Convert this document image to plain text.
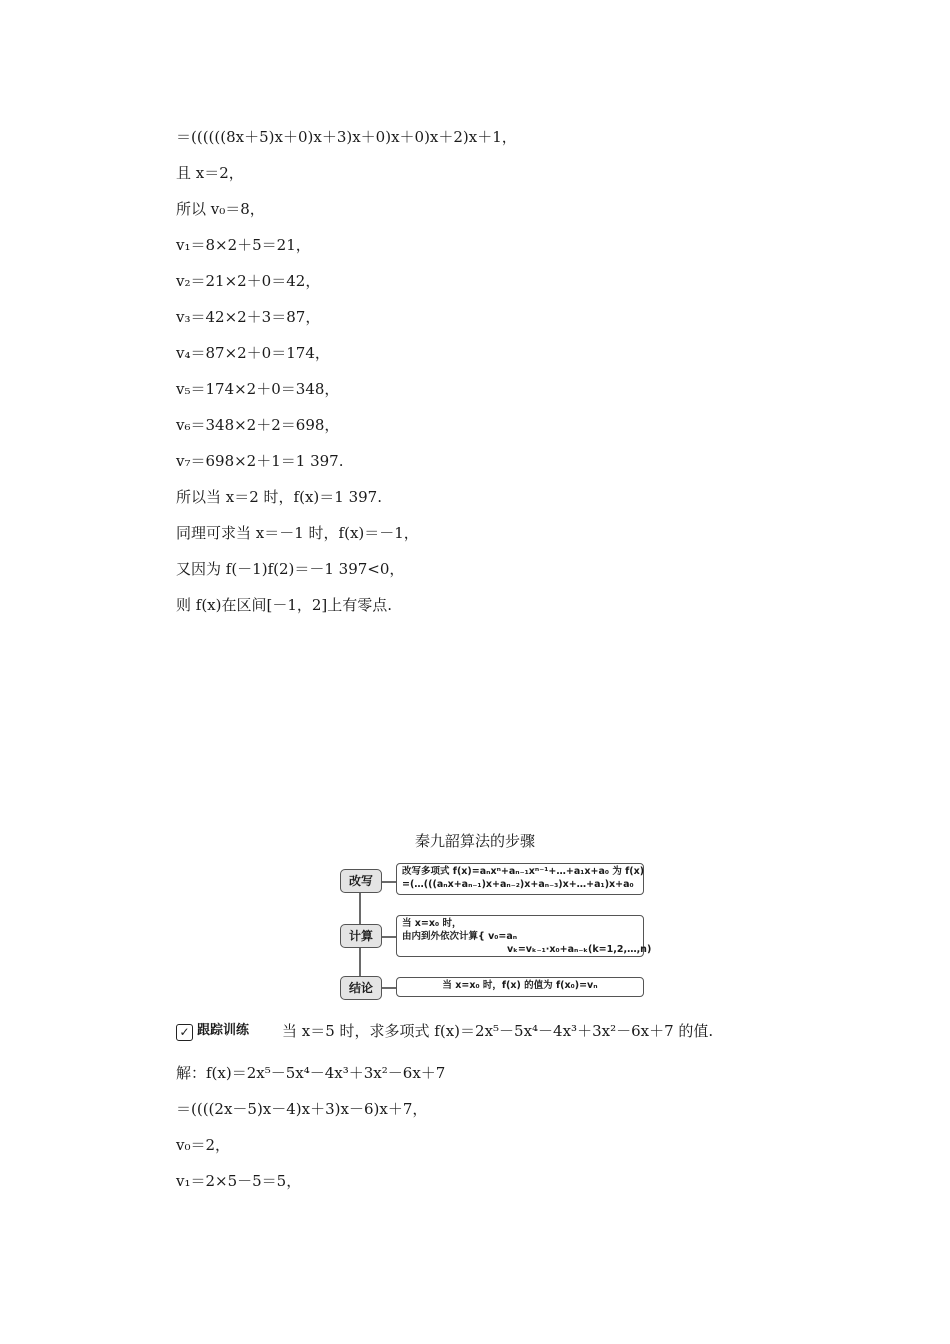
＝((((((8x＋5)x＋0)x＋3)x＋0)x＋0)x＋2)x＋1，
且 x＝2，
所以 v₀＝8，
v₁＝8×2＋5＝21，
v₂＝21×2＋0＝42，
v₃＝42×2＋3＝87，
v₄＝87×2＋0＝174，
v₅＝174×2＋0＝348，
v₆＝348×2＋2＝698，
v₇＝698×2＋1＝1 397.
所以当 x＝2 时，f(x)＝1 397.
同理可求当 x＝－1 时，f(x)＝－1，
又因为 f(－1)f(2)＝－1 397<0，
则 f(x)在区间[－1，2]上有零点.
秦九韶算法的步骤
改写
改写多项式 f(x)=aₙxⁿ+aₙ₋₁xⁿ⁻¹+…+a₁x+a₀ 为 f(x)
=(…(((aₙx+aₙ₋₁)x+aₙ₋₂)x+aₙ₋₃)x+…+a₁)x+a₀
计算
当 x=x₀ 时，
由内到外依次计算{ v₀=aₙ
vₖ=vₖ₋₁·x₀+aₙ₋ₖ(k=1,2,…,n)
结论	当 x=x₀ 时，f(x) 的值为 f(x₀)=vₙ
✓ 跟踪训练 当 x＝5 时，求多项式 f(x)＝2x⁵－5x⁴－4x³＋3x²－6x＋7 的值.
解：f(x)＝2x⁵－5x⁴－4x³＋3x²－6x＋7
＝((((2x－5)x－4)x＋3)x－6)x＋7，
v₀＝2，
v₁＝2×5－5＝5，
